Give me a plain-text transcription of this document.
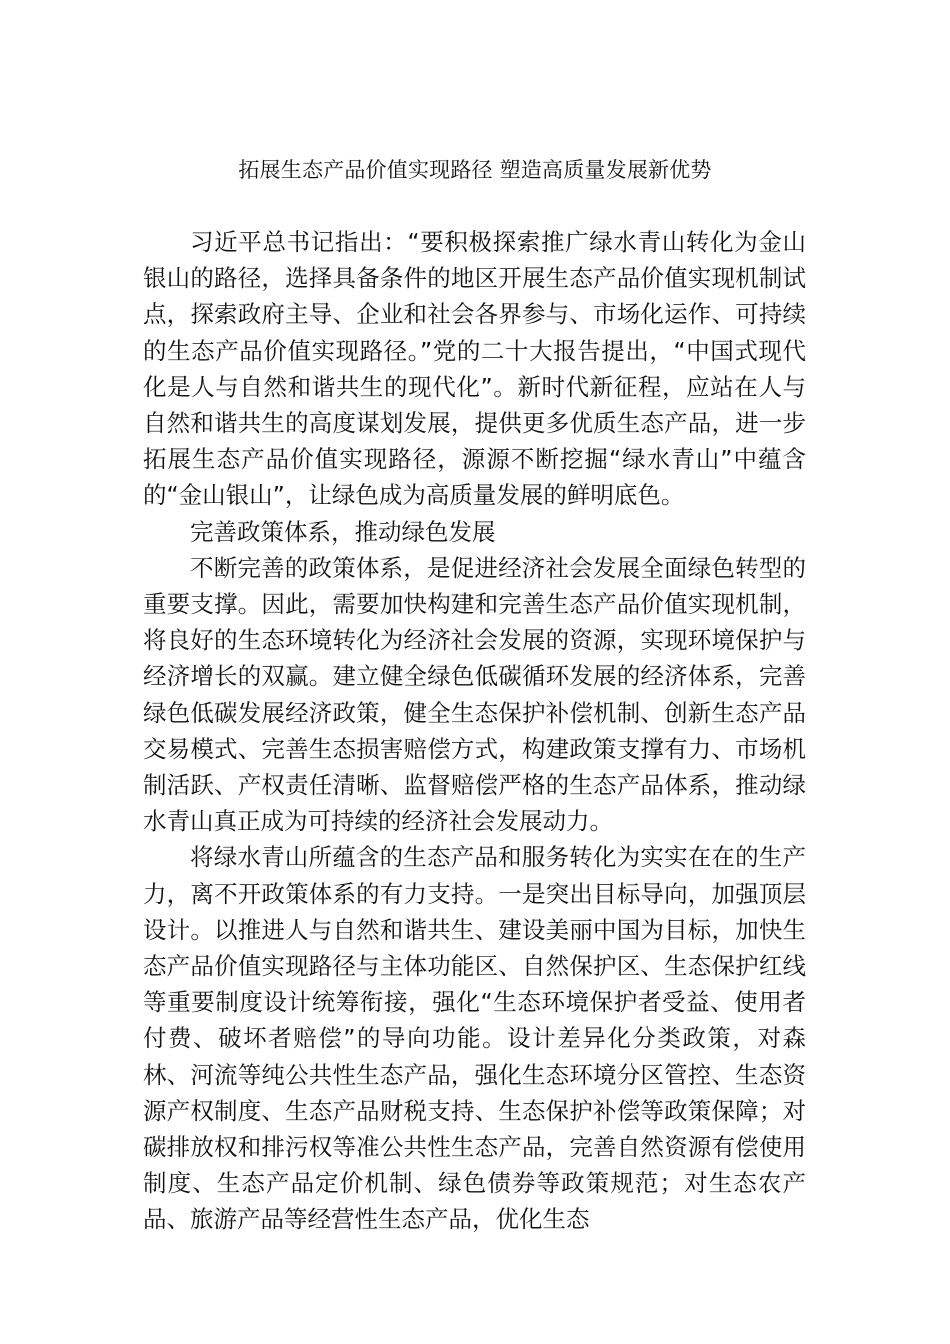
拓展生态产品价值实现路径 塑造高质量发展新优势

习近平总书记指出：“要积极探索推广绿水青山转化为金山银山的路径，选择具备条件的地区开展生态产品价值实现机制试点，探索政府主导、企业和社会各界参与、市场化运作、可持续的生态产品价值实现路径。”党的二十大报告提出，“中国式现代化是人与自然和谐共生的现代化”。新时代新征程，应站在人与自然和谐共生的高度谋划发展，提供更多优质生态产品，进一步拓展生态产品价值实现路径，源源不断挖掘“绿水青山”中蕴含的“金山银山”，让绿色成为高质量发展的鲜明底色。

完善政策体系，推动绿色发展

不断完善的政策体系，是促进经济社会发展全面绿色转型的重要支撑。因此，需要加快构建和完善生态产品价值实现机制，将良好的生态环境转化为经济社会发展的资源，实现环境保护与经济增长的双赢。建立健全绿色低碳循环发展的经济体系，完善绿色低碳发展经济政策，健全生态保护补偿机制、创新生态产品交易模式、完善生态损害赔偿方式，构建政策支撑有力、市场机制活跃、产权责任清晰、监督赔偿严格的生态产品体系，推动绿水青山真正成为可持续的经济社会发展动力。

将绿水青山所蕴含的生态产品和服务转化为实实在在的生产力，离不开政策体系的有力支持。一是突出目标导向，加强顶层设计。以推进人与自然和谐共生、建设美丽中国为目标，加快生态产品价值实现路径与主体功能区、自然保护区、生态保护红线等重要制度设计统筹衔接，强化“生态环境保护者受益、使用者付费、破坏者赔偿”的导向功能。设计差异化分类政策，对森林、河流等纯公共性生态产品，强化生态环境分区管控、生态资源产权制度、生态产品财税支持、生态保护补偿等政策保障；对碳排放权和排污权等准公共性生态产品，完善自然资源有偿使用制度、生态产品定价机制、绿色债券等政策规范；对生态农产品、旅游产品等经营性生态产品，优化生态
